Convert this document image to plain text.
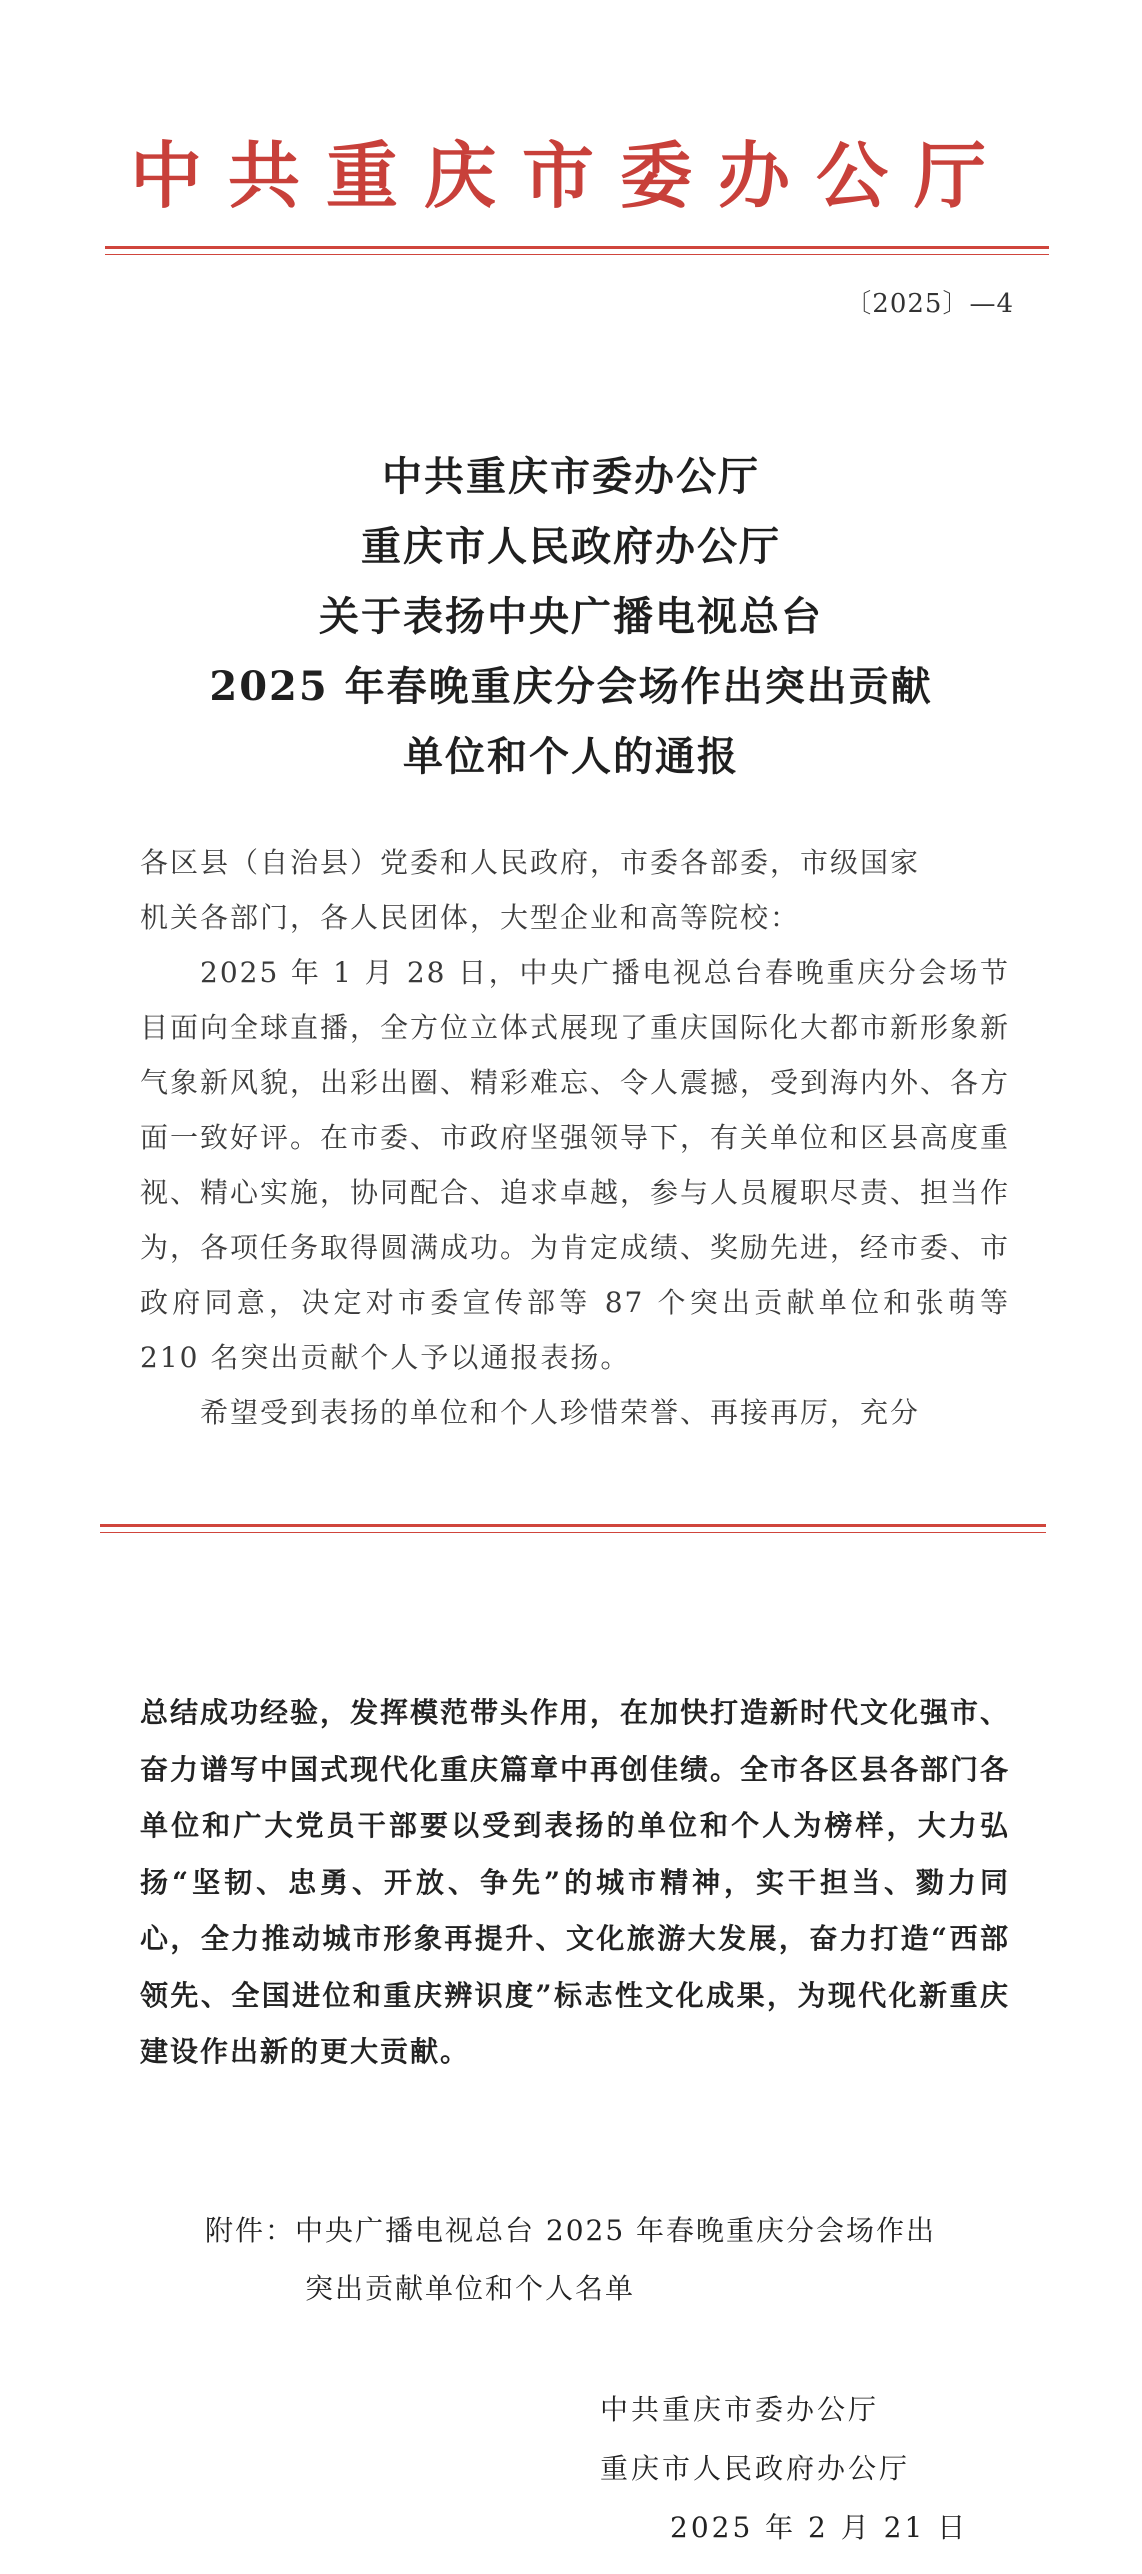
中共重庆市委办公厅
〔2025〕—4
中共重庆市委办公厅
重庆市人民政府办公厅
关于表扬中央广播电视总台
2025 年春晚重庆分会场作出突出贡献
单位和个人的通报

各区县（自治县）党委和人民政府，市委各部委，市级国家

机关各部门，各人民团体，大型企业和高等院校：

2025 年 1 月 28 日，中央广播电视总台春晚重庆分会场节目面向全球直播，全方位立体式展现了重庆国际化大都市新形象新气象新风貌，出彩出圈、精彩难忘、令人震撼，受到海内外、各方面一致好评。在市委、市政府坚强领导下，有关单位和区县高度重视、精心实施，协同配合、追求卓越，参与人员履职尽责、担当作为，各项任务取得圆满成功。为肯定成绩、奖励先进，经市委、市政府同意，决定对市委宣传部等 87 个突出贡献单位和张萌等 210 名突出贡献个人予以通报表扬。

希望受到表扬的单位和个人珍惜荣誉、再接再厉，充分

总结成功经验，发挥模范带头作用，在加快打造新时代文化强市、奋力谱写中国式现代化重庆篇章中再创佳绩。全市各区县各部门各单位和广大党员干部要以受到表扬的单位和个人为榜样，大力弘扬“坚韧、忠勇、开放、争先”的城市精神，实干担当、勠力同心，全力推动城市形象再提升、文化旅游大发展，奋力打造“西部领先、全国进位和重庆辨识度”标志性文化成果，为现代化新重庆建设作出新的更大贡献。

附件：中央广播电视总台 2025 年春晚重庆分会场作出
突出贡献单位和个人名单
中共重庆市委办公厅
重庆市人民政府办公厅
2025 年 2 月 21 日
